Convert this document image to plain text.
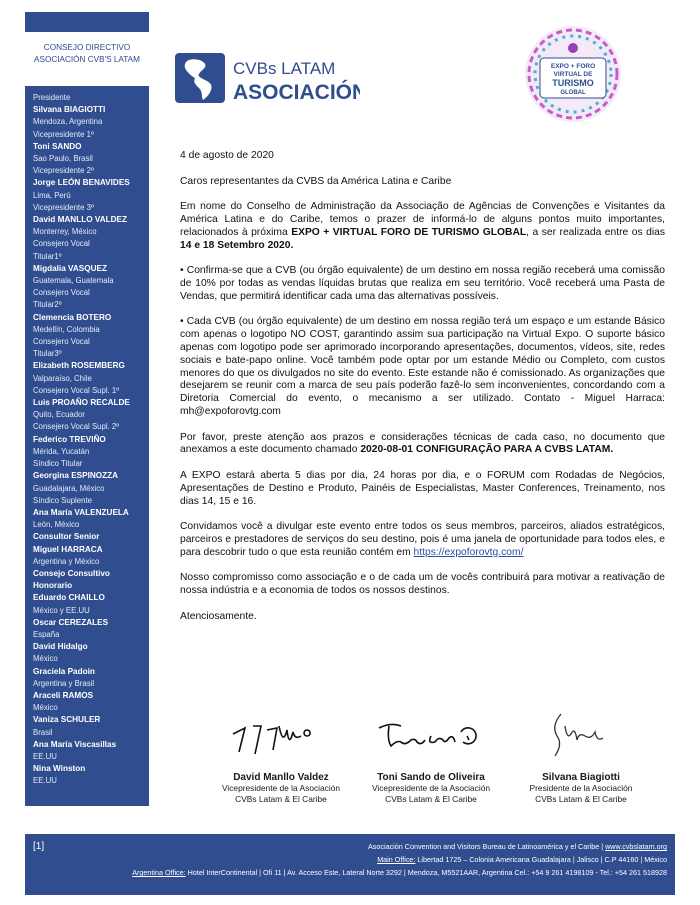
CONSEJO DIRECTIVO
ASOCIACIÓN CVB'S LATAM
Presidente
Silvana BIAGIOTTI
Mendoza, Argentina
Vicepresidente 1º
Toni SANDO
Sao Paulo, Brasil
Vicepresidente 2º
Jorge LEÓN BENAVIDES
Lima, Perú
Vicepresidente 3º
David MANLLO VALDEZ
Monterrey, México
Consejero Vocal
Titular1º
Migdalia VASQUEZ
Guatemala, Guatemala
Consejero Vocal
Titular2º
Clemencia BOTERO
Medellín, Colombia
Consejero Vocal
Titular3º
Elizabeth ROSEMBERG
Valparaíso, Chile
Consejero Vocal Supl. 1º
Luis PROAÑO RECALDE
Quito, Ecuador
Consejero Vocal Supl. 2º
Federico TREVIÑO
Mérida, Yucatán
Síndico Titular
Georgina ESPINOZZA
Guadalajara, México
Síndico Suplente
Ana María VALENZUELA
León, México
Consultor Senior
Miguel HARRACA
Argentina y México
Consejo Consultivo
Honorario
Eduardo CHAILLO
México y EE.UU
Oscar CEREZALES
España
David Hidalgo
México
Graciela Padoin
Argentina y Brasil
Araceli RAMOS
México
Vaniza SCHULER
Brasil
Ana María Viscasillas
EE.UU
Nina Winston
EE.UU
CVBs LATAM
ASOCIACIÓN
EXPO + FORO
VIRTUAL DE
TURISMO
GLOBAL

4 de agosto de 2020

Caros representantes da CVBS da América Latina e Caribe

Em nome do Conselho de Administração da Associação de Agências de Convenções e Visitantes da América Latina e do Caribe, temos o prazer de informá-lo de alguns pontos muito importantes, relacionados à próxima EXPO + VIRTUAL FORO DE TURISMO GLOBAL, a ser realizada entre os dias 14 e 18 Setembro 2020.

• Confirma-se que a CVB (ou órgão equivalente) de um destino em nossa região receberá uma comissão de 10% por todas as vendas líquidas brutas que realiza em seu território. Você receberá uma Pasta de Vendas, que permitirá identificar cada uma das alternativas possíveis.

• Cada CVB (ou órgão equivalente) de um destino em nossa região terá um espaço e um estande Básico com apenas o logotipo NO COST, garantindo assim sua participação na Virtual Expo. O suporte básico apenas com logotipo pode ser aprimorado incorporando apresentações, documentos, vídeos, site, redes sociais e bate-papo online. Você também pode optar por um estande Médio ou Completo, com custos menores do que os divulgados no site do evento. Este estande não é comissionado. As organizações que desejarem se reunir com a marca de seu país poderão fazê-lo sem inconvenientes, concordando com a Diretoria Comercial do evento, o mecanismo a ser utilizado. Contato - Miguel Harraca: mh@expoforovtg.com

Por favor, preste atenção aos prazos e considerações técnicas de cada caso, no documento que anexamos a este documento chamado 2020-08-01 CONFIGURAÇÃO PARA A CVBS LATAM.

A EXPO estará aberta 5 dias por dia, 24 horas por dia, e o FORUM com Rodadas de Negócios, Apresentações de Destino e Produto, Painéis de Especialistas, Master Conferences, Treinamento, nos dias 14, 15 e 16.

Convidamos você a divulgar este evento entre todos os seus membros, parceiros, aliados estratégicos, parceiros e prestadores de serviços do seu destino, pois é uma janela de oportunidade para todos eles, e para descobrir tudo o que esta reunião contém em https://expoforovtg.com/

Nosso compromisso como associação e o de cada um de vocês contribuirá para motivar a reativação de nossa indústria e a economia de todos os nossos destinos.

Atenciosamente.

David Manllo Valdez
Vicepresidente de la Asociación
CVBs Latam & El Caribe
Toni Sando de Oliveira
Vicepresidente de la Asociación
CVBs Latam & El Caribe
Silvana Biagiotti
Presidente de la Asociación
CVBs Latam & El Caribe
[1]	Asociación Convention and Visitors Bureau de Latinoamérica y el Caribe | www.cvbslatam.org
Main Office: Libertad 1725 – Colonia Americana Guadalajara | Jalisco | C.P 44160 | México
Argentina Office: Hotel InterContinental | Ofi 11 | Av. Acceso Este, Lateral Norte 3292 | Mendoza, M5521AAR, Argentina Cel.: +54 9 261 4198109 - Tel.: +54 261 518928
